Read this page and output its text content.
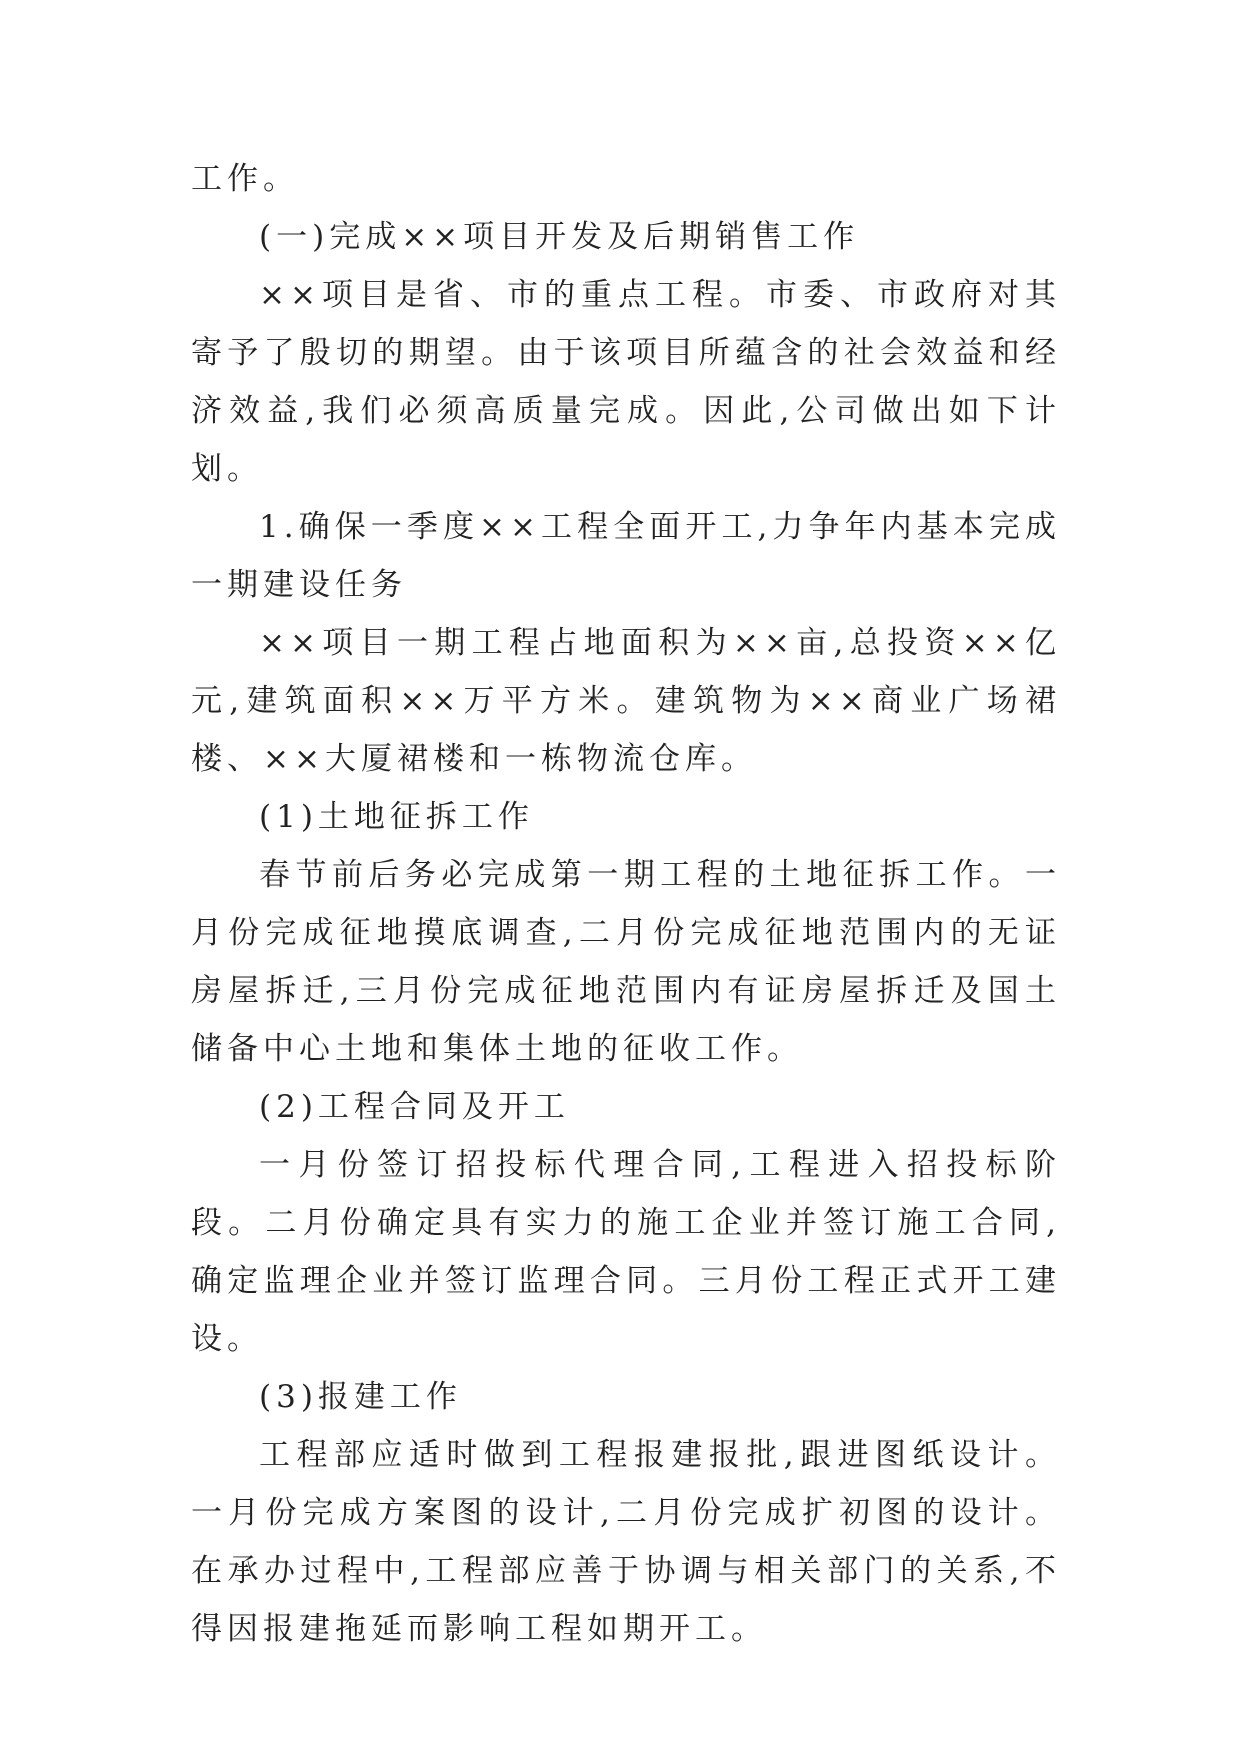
工作。

(一)完成××项目开发及后期销售工作

××项目是省、市的重点工程。市委、市政府对其寄予了殷切的期望。由于该项目所蕴含的社会效益和经济效益,我们必须高质量完成。因此,公司做出如下计划。

1.确保一季度××工程全面开工,力争年内基本完成一期建设任务

××项目一期工程占地面积为××亩,总投资××亿元,建筑面积××万平方米。建筑物为××商业广场裙楼、××大厦裙楼和一栋物流仓库。

(1)土地征拆工作

春节前后务必完成第一期工程的土地征拆工作。一月份完成征地摸底调查,二月份完成征地范围内的无证房屋拆迁,三月份完成征地范围内有证房屋拆迁及国土储备中心土地和集体土地的征收工作。

(2)工程合同及开工

一月份签订招投标代理合同,工程进入招投标阶段。二月份确定具有实力的施工企业并签订施工合同,确定监理企业并签订监理合同。三月份工程正式开工建设。

(3)报建工作

工程部应适时做到工程报建报批,跟进图纸设计。一月份完成方案图的设计,二月份完成扩初图的设计。在承办过程中,工程部应善于协调与相关部门的关系,不得因报建拖延而影响工程如期开工。
